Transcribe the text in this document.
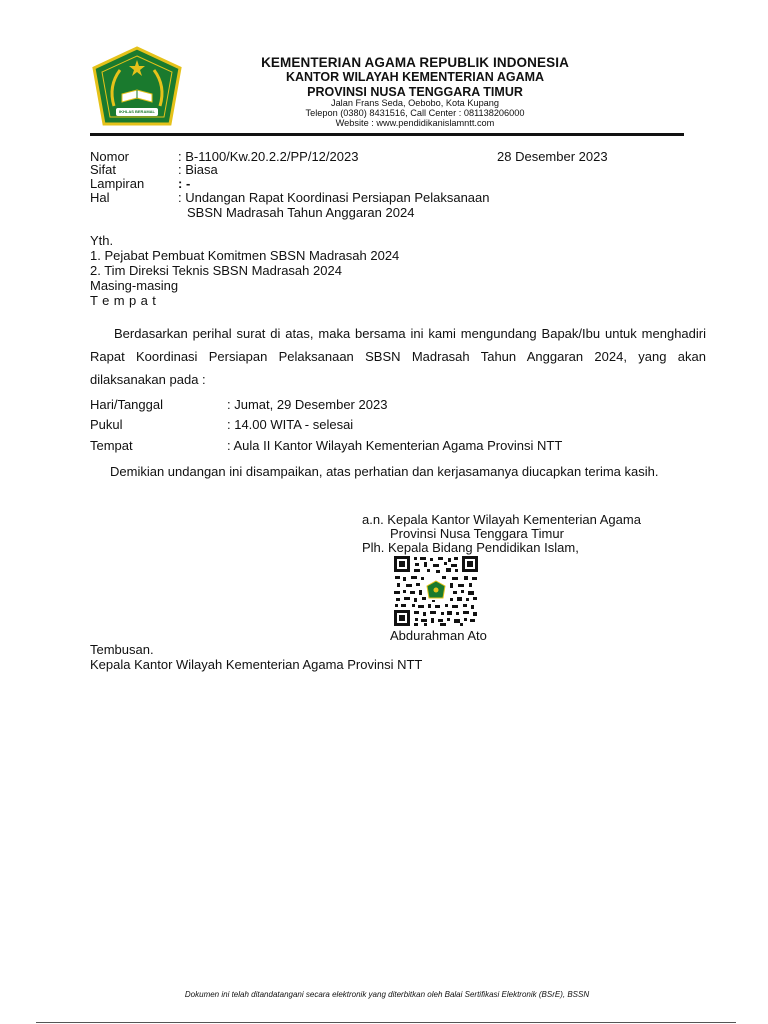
IKHLAS BERAMAL
KEMENTERIAN AGAMA REPUBLIK INDONESIA
KANTOR WILAYAH KEMENTERIAN AGAMA
PROVINSI NUSA TENGGARA TIMUR
Jalan Frans Seda, Oebobo, Kota Kupang
Telepon (0380) 8431516, Call Center : 081138206000
Website : www.pendidikanislamntt.com
Nomor	: B-1100/Kw.20.2.2/PP/12/2023	28 Desember 2023
Sifat	: Biasa
Lampiran	: -
Hal	: Undangan Rapat Koordinasi Persiapan Pelaksanaan
SBSN Madrasah Tahun Anggaran 2024
Yth.
1. Pejabat Pembuat Komitmen SBSN Madrasah 2024
2. Tim Direksi Teknis SBSN Madrasah 2024
Masing-masing
T e m p a t
Berdasarkan perihal surat di atas, maka bersama ini kami mengundang Bapak/Ibu untuk menghadiri Rapat Koordinasi Persiapan Pelaksanaan SBSN Madrasah Tahun Anggaran 2024, yang akan dilaksanakan pada :
Hari/Tanggal	: Jumat, 29 Desember 2023
Pukul	: 14.00 WITA - selesai
Tempat	: Aula II Kantor Wilayah Kementerian Agama Provinsi NTT
Demikian undangan ini disampaikan, atas perhatian dan kerjasamanya diucapkan terima kasih.
a.n. Kepala Kantor Wilayah Kementerian Agama
Provinsi Nusa Tenggara Timur
Plh. Kepala Bidang Pendidikan Islam,
Abdurahman Ato
Tembusan.
Kepala Kantor Wilayah Kementerian Agama Provinsi NTT
Dokumen ini telah ditandatangani secara elektronik yang diterbitkan oleh Balai Sertifikasi Elektronik (BSrE), BSSN
